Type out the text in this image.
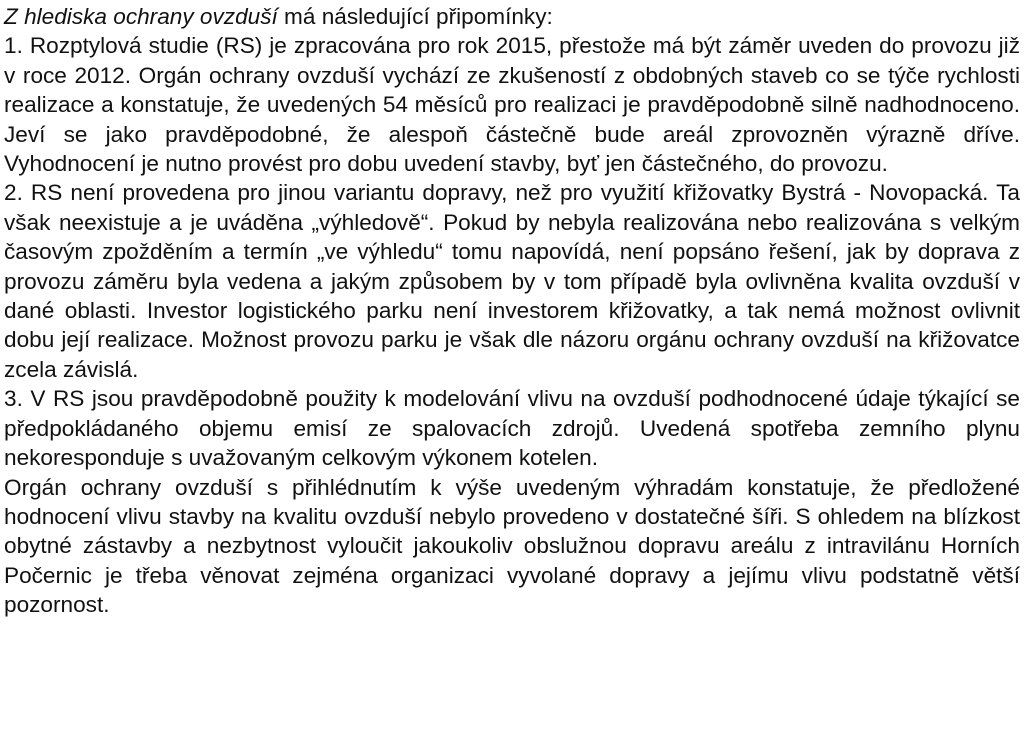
Z hlediska ochrany ovzduší má následující připomínky:

1. Rozptylová studie (RS) je zpracována pro rok 2015, přestože má být záměr uveden do provozu již v roce 2012. Orgán ochrany ovzduší vychází ze zkušeností z obdobných staveb co se týče rychlosti realizace a konstatuje, že uvedených 54 měsíců pro realizaci je pravděpodobně silně nadhodnoceno. Jeví se jako pravděpodobné, že alespoň částečně bude areál zprovozněn výrazně dříve. Vyhodnocení je nutno provést pro dobu uvedení stavby, byť jen částečného, do provozu.

2. RS není provedena pro jinou variantu dopravy, než pro využití křižovatky Bystrá - Novopacká. Ta však neexistuje a je uváděna „výhledově“. Pokud by nebyla realizována nebo realizována s velkým časovým zpožděním a termín „ve výhledu“ tomu napovídá, není popsáno řešení, jak by doprava z provozu záměru byla vedena a jakým způsobem by v tom případě byla ovlivněna kvalita ovzduší v dané oblasti. Investor logistického parku není investorem křižovatky, a tak nemá možnost ovlivnit dobu její realizace. Možnost provozu parku je však dle názoru orgánu ochrany ovzduší na křižovatce zcela závislá.

3. V RS jsou pravděpodobně použity k modelování vlivu na ovzduší podhodnocené údaje týkající se předpokládaného objemu emisí ze spalovacích zdrojů. Uvedená spotřeba zemního plynu nekoresponduje s uvažovaným celkovým výkonem kotelen.

Orgán ochrany ovzduší s přihlédnutím k výše uvedeným výhradám konstatuje, že předložené hodnocení vlivu stavby na kvalitu ovzduší nebylo provedeno v dostatečné šíři. S ohledem na blízkost obytné zástavby a nezbytnost vyloučit jakoukoliv obslužnou dopravu areálu z intravilánu Horních Počernic je třeba věnovat zejména organizaci vyvolané dopravy a jejímu vlivu podstatně větší pozornost.
